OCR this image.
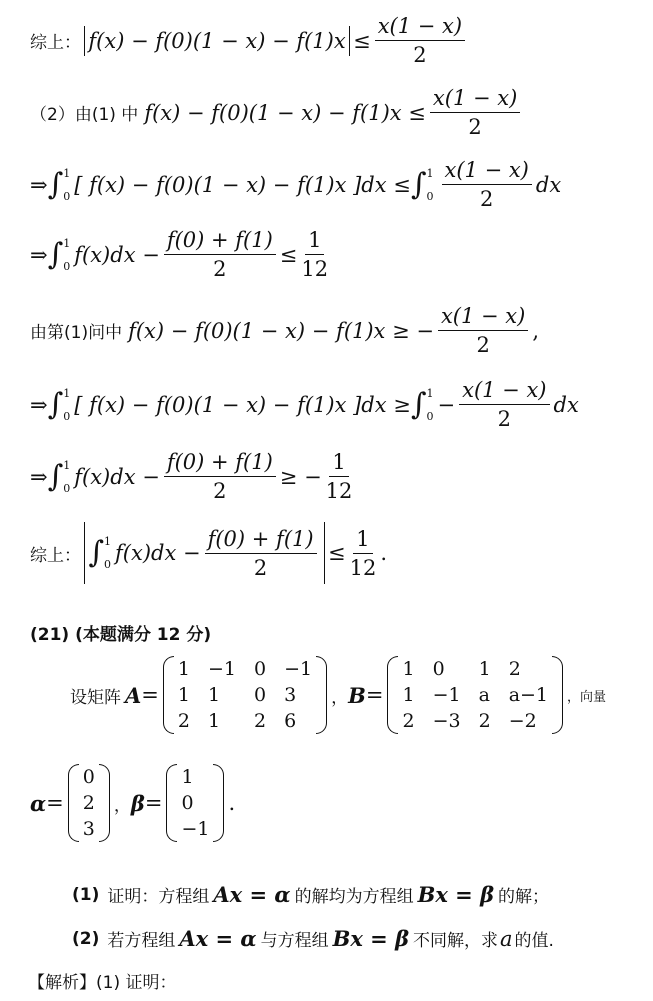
综上： $f(x) - f(0)(1 - x) - f(1)x \le \frac{x(1 - x)}{2}$
（2）由(1) 中 $f(x) - f(0)(1 - x) - f(1)x \le \frac{x(1 - x)}{2}$
⇒ ∫ 1
0 [ f(x) − f(0)(1 − x) − f(1)x ]dx ≤ ∫ 1
$0 \frac{x(1 - x)}{2}$ dx
⇒ ∫ 1
0 $f(x)dx - \frac{f(0) + f(1)}{2} \le \frac{1}{12}$
由第(1)问中 f(x) − f(0)(1 − x) − f(1)x ≥ − $\frac{x(1 - x)}{2}$ ,
⇒ ∫ 1
0 [ f(x) − f(0)(1 − x) − f(1)x ]dx ≥ ∫ 1
$0 - \frac{x(1 - x)}{2}$ dx
⇒ ∫ 1
0 $f(x)dx - \frac{f(0) + f(1)}{2}$ ≥ − $\frac{1}{12}$
综上： ∫ 1
0 $f(x)dx - \frac{f(0) + f(1)}{2} \le \frac{1}{12}$ .
(21) (本题满分 12 分)
设矩阵 A =
1 −1 0 −1
1 1	0 3
2 1	2 6
， B =
1 0	1 2
1 −1 a a−1
2 −3 2 −2
，向量
α =
0
2
3
， β =
1
0
−1
.
(1) 证明：方程组 Ax = α 的解均为方程组 Bx = β 的解；
(2) 若方程组 Ax = α 与方程组 Bx = β 不同解，求 a 的值.
【解析】(1) 证明：
